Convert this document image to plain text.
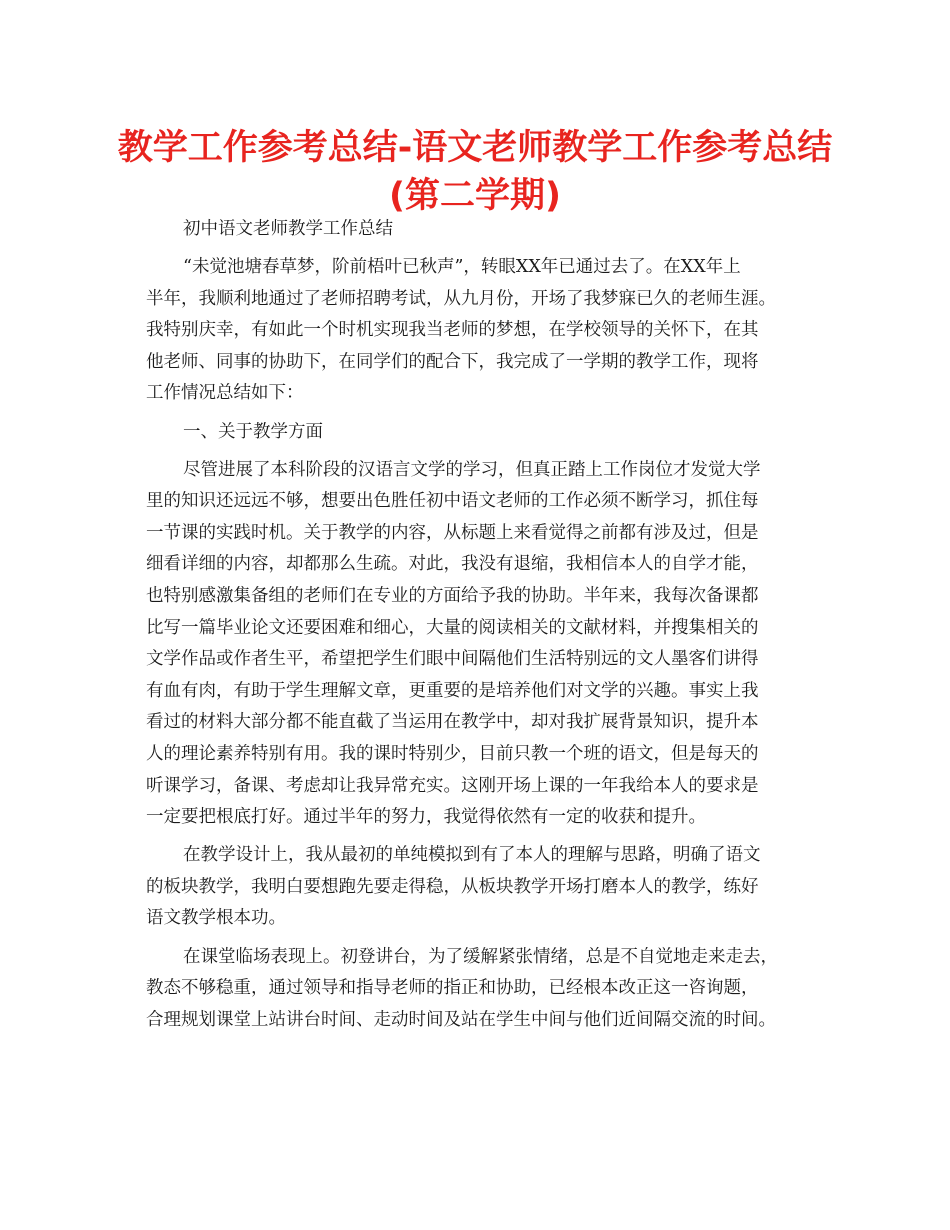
教学工作参考总结-语文老师教学工作参考总结
(第二学期)
初中语文老师教学工作总结
“未觉池塘春草梦，阶前梧叶已秋声”，转眼XX年已通过去了。在XX年上
半年，我顺利地通过了老师招聘考试，从九月份，开场了我梦寐已久的老师生涯。
我特别庆幸，有如此一个时机实现我当老师的梦想，在学校领导的关怀下，在其
他老师、同事的协助下，在同学们的配合下，我完成了一学期的教学工作，现将
工作情况总结如下：
一、关于教学方面
尽管进展了本科阶段的汉语言文学的学习，但真正踏上工作岗位才发觉大学
里的知识还远远不够，想要出色胜任初中语文老师的工作必须不断学习，抓住每
一节课的实践时机。关于教学的内容，从标题上来看觉得之前都有涉及过，但是
细看详细的内容，却都那么生疏。对此，我没有退缩，我相信本人的自学才能，
也特别感激集备组的老师们在专业的方面给予我的协助。半年来，我每次备课都
比写一篇毕业论文还要困难和细心，大量的阅读相关的文献材料，并搜集相关的
文学作品或作者生平，希望把学生们眼中间隔他们生活特别远的文人墨客们讲得
有血有肉，有助于学生理解文章，更重要的是培养他们对文学的兴趣。事实上我
看过的材料大部分都不能直截了当运用在教学中，却对我扩展背景知识，提升本
人的理论素养特别有用。我的课时特别少，目前只教一个班的语文，但是每天的
听课学习，备课、考虑却让我异常充实。这刚开场上课的一年我给本人的要求是
一定要把根底打好。通过半年的努力，我觉得依然有一定的收获和提升。
在教学设计上，我从最初的单纯模拟到有了本人的理解与思路，明确了语文
的板块教学，我明白要想跑先要走得稳，从板块教学开场打磨本人的教学，练好
语文教学根本功。
在课堂临场表现上。初登讲台，为了缓解紧张情绪，总是不自觉地走来走去，
教态不够稳重，通过领导和指导老师的指正和协助，已经根本改正这一咨询题，
合理规划课堂上站讲台时间、走动时间及站在学生中间与他们近间隔交流的时间。
